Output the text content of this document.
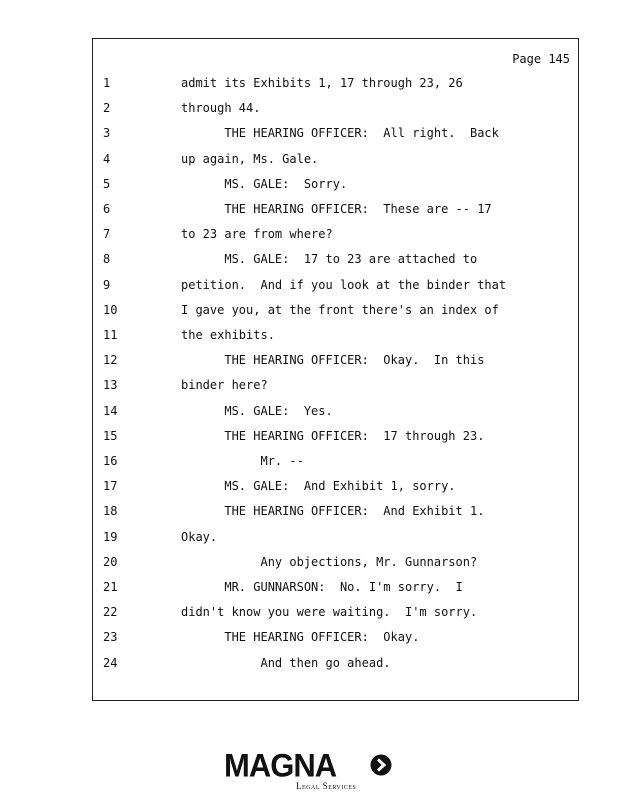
Page 145
1	admit its Exhibits 1, 17 through 23, 26
2	through 44.
3	THE HEARING OFFICER:  All right.  Back
4	up again, Ms. Gale.
5	MS. GALE:  Sorry.
6	THE HEARING OFFICER:  These are -- 17
7	to 23 are from where?
8	MS. GALE:  17 to 23 are attached to
9	petition.  And if you look at the binder that
10	I gave you, at the front there's an index of
11	the exhibits.
12	THE HEARING OFFICER:  Okay.  In this
13	binder here?
14	MS. GALE:  Yes.
15	THE HEARING OFFICER:  17 through 23.
16	Mr. --
17	MS. GALE:  And Exhibit 1, sorry.
18	THE HEARING OFFICER:  And Exhibit 1.
19	Okay.
20	Any objections, Mr. Gunnarson?
21	MR. GUNNARSON:  No. I'm sorry.  I
22	didn't know you were waiting.  I'm sorry.
23	THE HEARING OFFICER:  Okay.
24	And then go ahead.
MAGNA
Legal Services
